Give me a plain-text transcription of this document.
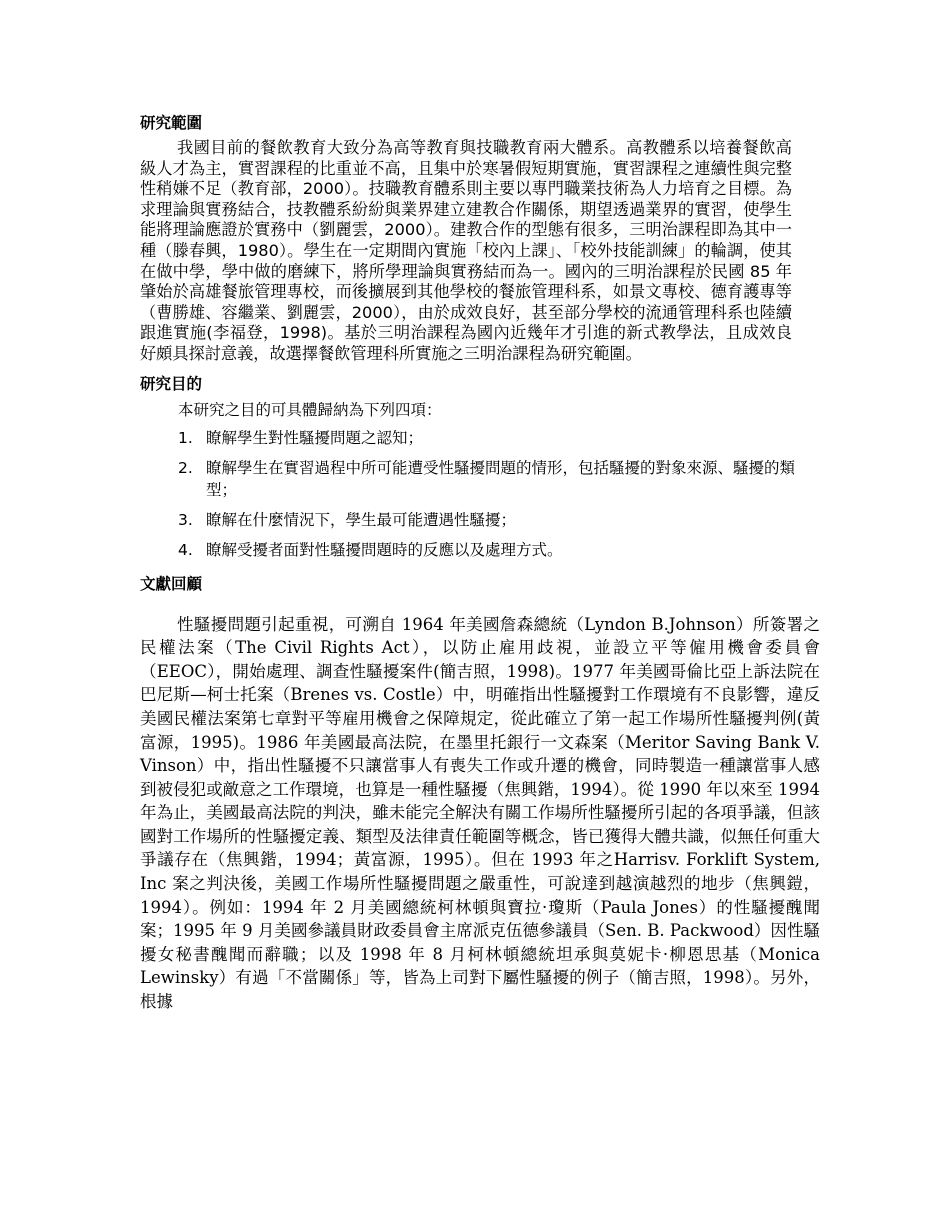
研究範圍

我國目前的餐飲教育大致分為高等教育與技職教育兩大體系。高教體系以培養餐飲高級人才為主，實習課程的比重並不高，且集中於寒暑假短期實施，實習課程之連續性與完整性稍嫌不足（教育部，2000）。技職教育體系則主要以專門職業技術為人力培育之目標。為求理論與實務結合，技教體系紛紛與業界建立建教合作關係，期望透過業界的實習，使學生能將理論應證於實務中（劉麗雲，2000）。建教合作的型態有很多，三明治課程即為其中一種（滕春興，1980）。學生在一定期間內實施「校內上課」、「校外技能訓練」的輪調，使其在做中學，學中做的磨練下，將所學理論與實務結而為一。國內的三明治課程於民國 85 年肇始於高雄餐旅管理專校，而後擴展到其他學校的餐旅管理科系，如景文專校、德育護專等（曹勝雄、容繼業、劉麗雲，2000），由於成效良好，甚至部分學校的流通管理科系也陸續跟進實施(李福登，1998)。基於三明治課程為國內近幾年才引進的新式教學法，且成效良好頗具探討意義，故選擇餐飲管理科所實施之三明治課程為研究範圍。

研究目的

本研究之目的可具體歸納為下列四項：

1. 瞭解學生對性騷擾問題之認知；
2. 瞭解學生在實習過程中所可能遭受性騷擾問題的情形，包括騷擾的對象來源、騷擾的類型；
3. 瞭解在什麼情況下，學生最可能遭遇性騷擾；
4. 瞭解受擾者面對性騷擾問題時的反應以及處理方式。
文獻回顧

性騷擾問題引起重視，可溯自 1964 年美國詹森總統（Lyndon B.Johnson）所簽署之民權法案（The Civil Rights Act），以防止雇用歧視，並設立平等僱用機會委員會（EEOC），開始處理、調查性騷擾案件(簡吉照，1998)。1977 年美國哥倫比亞上訴法院在巴尼斯—柯士托案（Brenes vs. Costle）中，明確指出性騷擾對工作環境有不良影響，違反美國民權法案第七章對平等雇用機會之保障規定，從此確立了第一起工作場所性騷擾判例(黃富源，1995)。1986 年美國最高法院，在墨里托銀行一文森案（Meritor Saving Bank V. Vinson）中，指出性騷擾不只讓當事人有喪失工作或升遷的機會，同時製造一種讓當事人感到被侵犯或敵意之工作環境，也算是一種性騷擾（焦興鍇，1994）。從 1990 年以來至 1994 年為止，美國最高法院的判決，雖未能完全解決有關工作場所性騷擾所引起的各項爭議，但該國對工作場所的性騷擾定義、類型及法律責任範圍等概念，皆已獲得大體共識，似無任何重大爭議存在（焦興鍇，1994；黃富源，1995）。但在 1993 年之Harrisv. Forklift System, Inc 案之判決後，美國工作場所性騷擾問題之嚴重性，可說達到越演越烈的地步（焦興鎧，1994）。例如：1994 年 2 月美國總統柯林頓與寶拉·瓊斯（Paula Jones）的性騷擾醜聞案；1995 年 9 月美國參議員財政委員會主席派克伍德參議員（Sen. B. Packwood）因性騷擾女秘書醜聞而辭職；以及 1998 年 8 月柯林頓總統坦承與莫妮卡·柳恩思基（Monica Lewinsky）有過「不當關係」等，皆為上司對下屬性騷擾的例子（簡吉照，1998）。另外，根據
